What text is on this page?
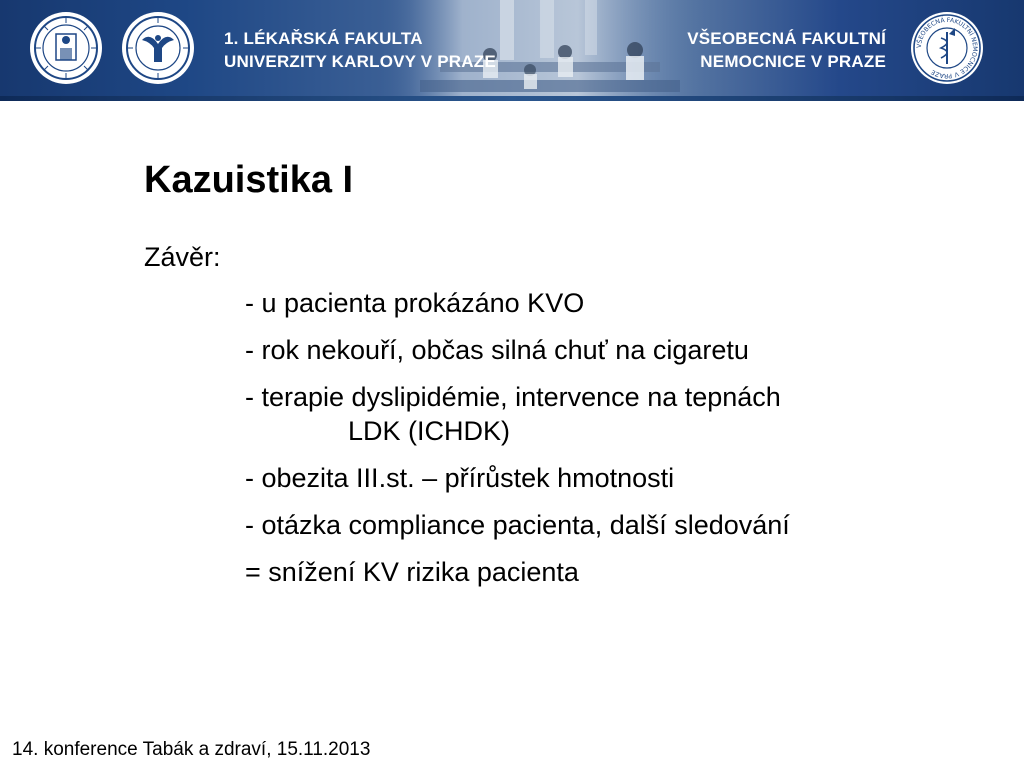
1. LÉKAŘSKÁ FAKULTA
UNIVERZITY KARLOVY V PRAZE
VŠEOBECNÁ FAKULTNÍ
NEMOCNICE V PRAZE
VŠEOBECNÁ FAKULTNÍ NEMOCNICE V PRAZE
Kazuistika I

Závěr:

- u pacienta prokázáno KVO
- rok nekouří, občas silná chuť na cigaretu
- terapie dyslipidémie, intervence na tepnách
LDK (ICHDK)
- obezita III.st. – přírůstek hmotnosti
- otázka compliance pacienta, další sledování
= snížení KV rizika pacienta
14. konference Tabák a zdraví, 15.11.2013
